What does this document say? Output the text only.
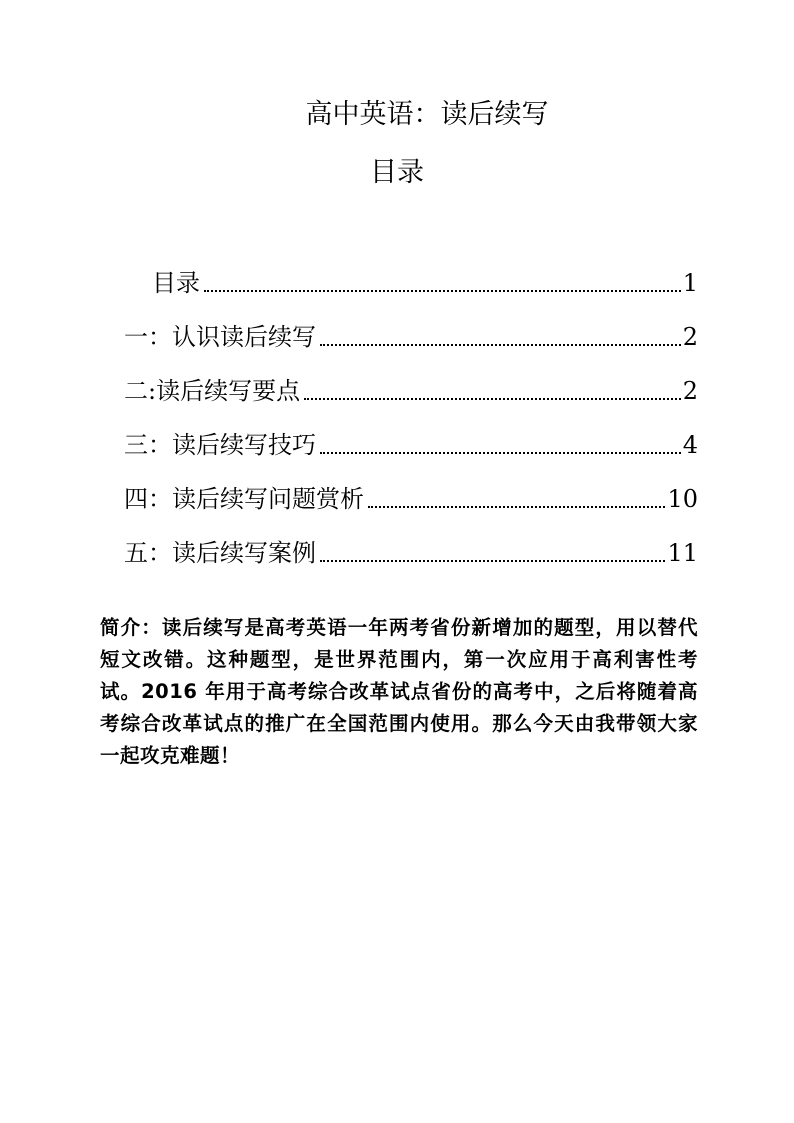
高中英语：读后续写
目录
目录	1
一：认识读后续写	2
二:读后续写要点	2
三：读后续写技巧	4
四：读后续写问题赏析	10
五：读后续写案例	11

简介：读后续写是高考英语一年两考省份新增加的题型，用以替代短文改错。这种题型，是世界范围内，第一次应用于高利害性考试。2016 年用于高考综合改革试点省份的高考中，之后将随着高考综合改革试点的推广在全国范围内使用。那么今天由我带领大家一起攻克难题！
